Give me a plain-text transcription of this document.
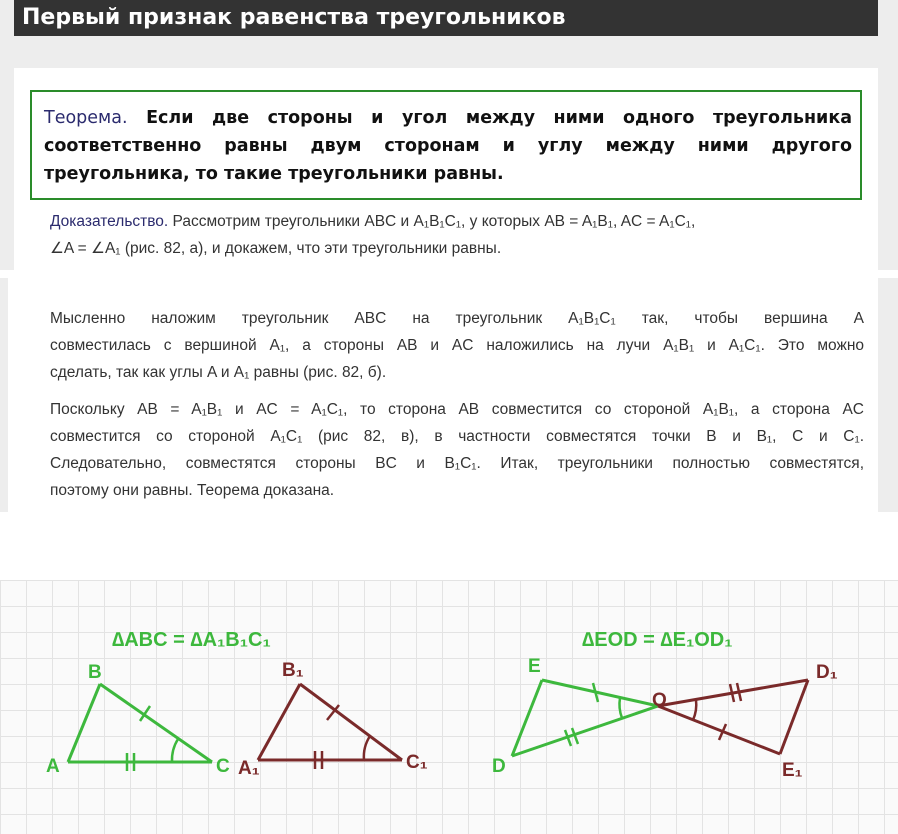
Первый признак равенства треугольников
Теорема. Если две стороны и угол между ними одного треугольника
соответственно равны двум сторонам и углу между ними другого
треугольника, то такие треугольники равны.
Доказательство. Рассмотрим треугольники ABC и A₁B₁C₁, у которых AB = A₁B₁, AC = A₁C₁,
∠A = ∠A₁ (рис. 82, а), и докажем, что эти треугольники равны.
Мысленно наложим треугольник ABC на треугольник A₁B₁C₁ так, чтобы вершина A
совместилась с вершиной A₁, а стороны AB и AC наложились на лучи A₁B₁ и A₁C₁. Это можно
сделать, так как углы A и A₁ равны (рис. 82, б).
Поскольку AB = A₁B₁ и AC = A₁C₁, то сторона AB совместится со стороной A₁B₁, а сторона AC
совместится со стороной A₁C₁ (рис 82, в), в частности совместятся точки B и B₁, C и C₁.
Следовательно, совместятся стороны BC и B₁C₁. Итак, треугольники полностью совместятся,
поэтому они равны. Теорема доказана.
∆ABC = ∆A₁B₁C₁	∆EOD = ∆E₁OD₁
B
A	C
B₁
A₁	C₁
E
D
O
D₁
E₁
